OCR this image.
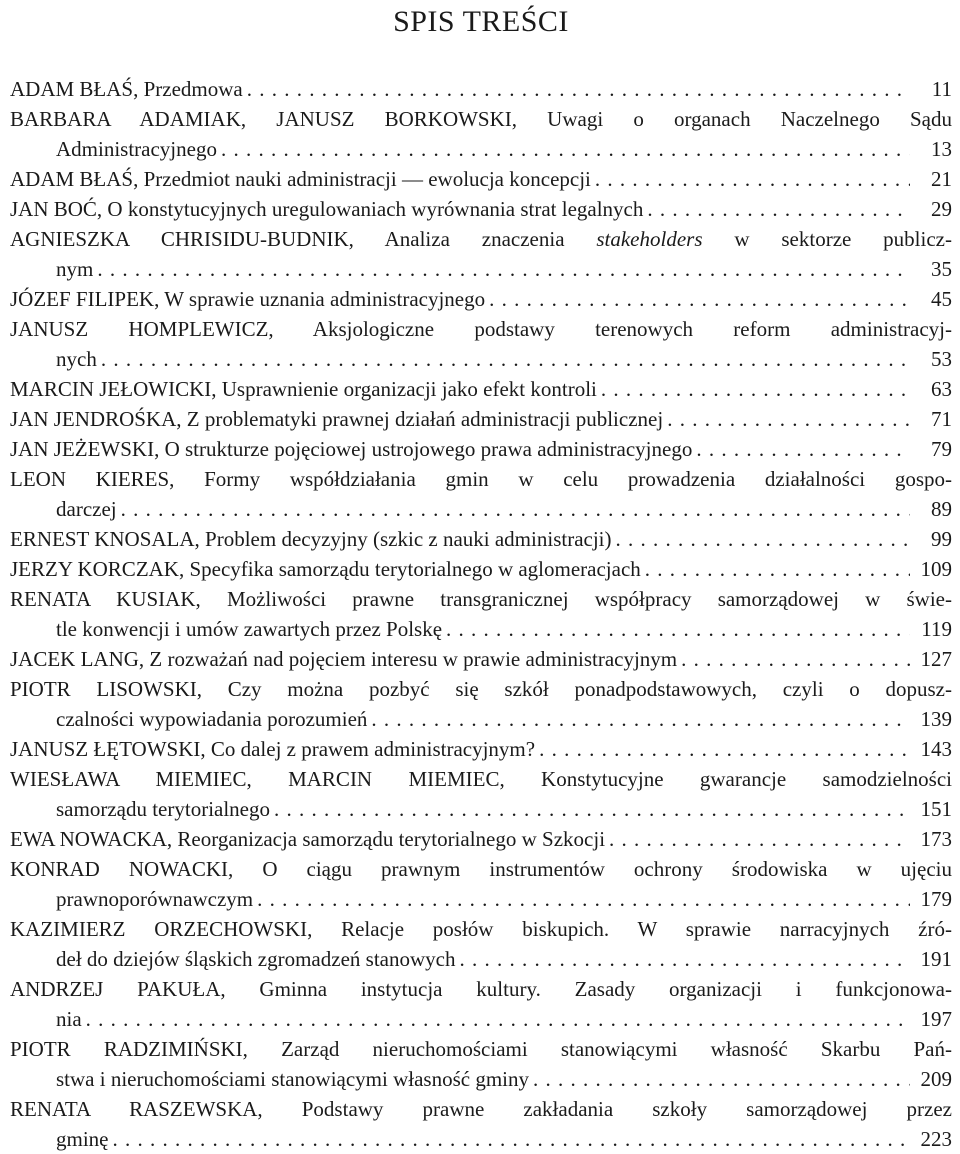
SPIS TREŚCI
ADAM BŁAŚ, Przedmowa . . .	11
BARBARA ADAMIAK, JANUSZ BORKOWSKI, Uwagi o organach Naczelnego Sądu
Administracyjnego . . .	13
ADAM BŁAŚ, Przedmiot nauki administracji — ewolucja koncepcji . . .	21
JAN BOĆ, O konstytucyjnych uregulowaniach wyrównania strat legalnych . . .	29
AGNIESZKA CHRISIDU-BUDNIK, Analiza znaczenia stakeholders w sektorze publicz-
nym . . .	35
JÓZEF FILIPEK, W sprawie uznania administracyjnego . . .	45
JANUSZ HOMPLEWICZ, Aksjologiczne podstawy terenowych reform administracyj-
nych . . .	53
MARCIN JEŁOWICKI, Usprawnienie organizacji jako efekt kontroli . . .	63
JAN JENDROŚKA, Z problematyki prawnej działań administracji publicznej . . .	71
JAN JEŻEWSKI, O strukturze pojęciowej ustrojowego prawa administracyjnego . . .	79
LEON KIERES, Formy współdziałania gmin w celu prowadzenia działalności gospo-
darczej . . .	89
ERNEST KNOSALA, Problem decyzyjny (szkic z nauki administracji) . . .	99
JERZY KORCZAK, Specyfika samorządu terytorialnego w aglomeracjach . . .	109
RENATA KUSIAK, Możliwości prawne transgranicznej współpracy samorządowej w świe-
tle konwencji i umów zawartych przez Polskę . . .	119
JACEK LANG, Z rozważań nad pojęciem interesu w prawie administracyjnym . . .	127
PIOTR LISOWSKI, Czy można pozbyć się szkół ponadpodstawowych, czyli o dopusz-
czalności wypowiadania porozumień . . .	139
JANUSZ ŁĘTOWSKI, Co dalej z prawem administracyjnym? . . .	143
WIESŁAWA MIEMIEC, MARCIN MIEMIEC, Konstytucyjne gwarancje samodzielności
samorządu terytorialnego . . .	151
EWA NOWACKA, Reorganizacja samorządu terytorialnego w Szkocji . . .	173
KONRAD NOWACKI, O ciągu prawnym instrumentów ochrony środowiska w ujęciu
prawnoporównawczym . . .	179
KAZIMIERZ ORZECHOWSKI, Relacje posłów biskupich. W sprawie narracyjnych źró-
deł do dziejów śląskich zgromadzeń stanowych . . .	191
ANDRZEJ PAKUŁA, Gminna instytucja kultury. Zasady organizacji i funkcjonowa-
nia . . .	197
PIOTR RADZIMIŃSKI, Zarząd nieruchomościami stanowiącymi własność Skarbu Pań-
stwa i nieruchomościami stanowiącymi własność gminy . . .	209
RENATA RASZEWSKA, Podstawy prawne zakładania szkoły samorządowej przez
gminę . . .	223
